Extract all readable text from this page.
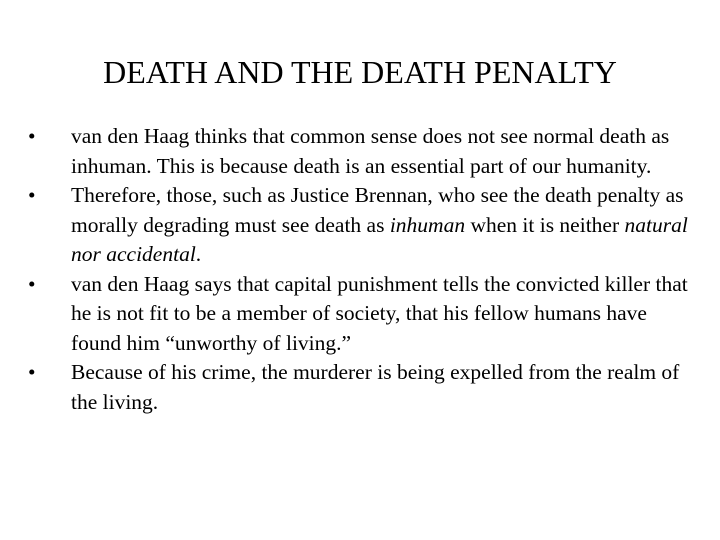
DEATH AND THE DEATH PENALTY
•	van den Haag thinks that common sense does not see normal death as inhuman. This is because death is an essential part of our humanity.
•	Therefore, those, such as Justice Brennan, who see the death penalty as morally degrading must see death as inhuman when it is neither natural nor accidental.
•	van den Haag says that capital punishment tells the convicted killer that he is not fit to be a member of society, that his fellow humans have found him “unworthy of living.”
•	Because of his crime, the murderer is being expelled from the realm of the living.
